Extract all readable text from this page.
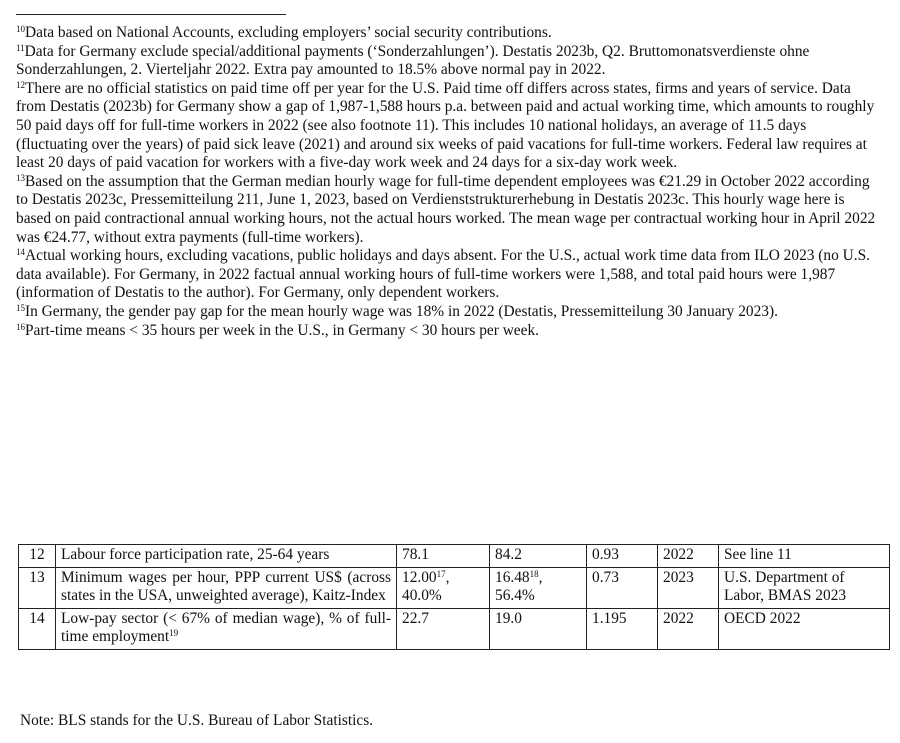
$^{10}$Data based on National Accounts, excluding employers’ social security contributions.

$^{11}$Data for Germany exclude special/additional payments (‘Sonderzahlungen’). Destatis 2023b, Q2. Bruttomonatsverdienste ohne Sonderzahlungen, 2. Vierteljahr 2022. Extra pay amounted to 18.5% above normal pay in 2022.

$^{12}$There are no official statistics on paid time off per year for the U.S. Paid time off differs across states, firms and years of service. Data from Destatis (2023b) for Germany show a gap of 1,987-1,588 hours p.a. between paid and actual working time, which amounts to roughly 50 paid days off for full-time workers in 2022 (see also footnote 11). This includes 10 national holidays, an average of 11.5 days (fluctuating over the years) of paid sick leave (2021) and around six weeks of paid vacations for full-time workers. Federal law requires at least 20 days of paid vacation for workers with a five-day work week and 24 days for a six-day work week.

$^{13}$Based on the assumption that the German median hourly wage for full-time dependent employees was €21.29 in October 2022 according to Destatis 2023c, Pressemitteilung 211, June 1, 2023, based on Verdienststrukturerhebung in Destatis 2023c. This hourly wage here is based on paid contractional annual working hours, not the actual hours worked. The mean wage per contractual working hour in April 2022 was €24.77, without extra payments (full-time workers).

$^{14}$Actual working hours, excluding vacations, public holidays and days absent. For the U.S., actual work time data from ILO 2023 (no U.S. data available). For Germany, in 2022 factual annual working hours of full-time workers were 1,588, and total paid hours were 1,987 (information of Destatis to the author). For Germany, only dependent workers.

$^{15}$In Germany, the gender pay gap for the mean hourly wage was 18% in 2022 (Destatis, Pressemitteilung 30 January 2023).

$^{16}$Part-time means < 35 hours per week in the U.S., in Germany < 30 hours per week.

12	Labour force participation rate, 25-64 years	78.1	84.2	0.93	2022	See line 11
13	Minimum wages per hour, PPP current US$ (across states in the USA, unweighted average), Kaitz-Index	12.00$^{17}$, 40.0%	16.48$^{18}$, 56.4%	0.73	2023	U.S. Department of Labor, BMAS 2023
14	Low-pay sector (< 67% of median wage), % of full-time employment$^{19}$	22.7	19.0	1.195	2022	OECD 2022
Note: BLS stands for the U.S. Bureau of Labor Statistics.
